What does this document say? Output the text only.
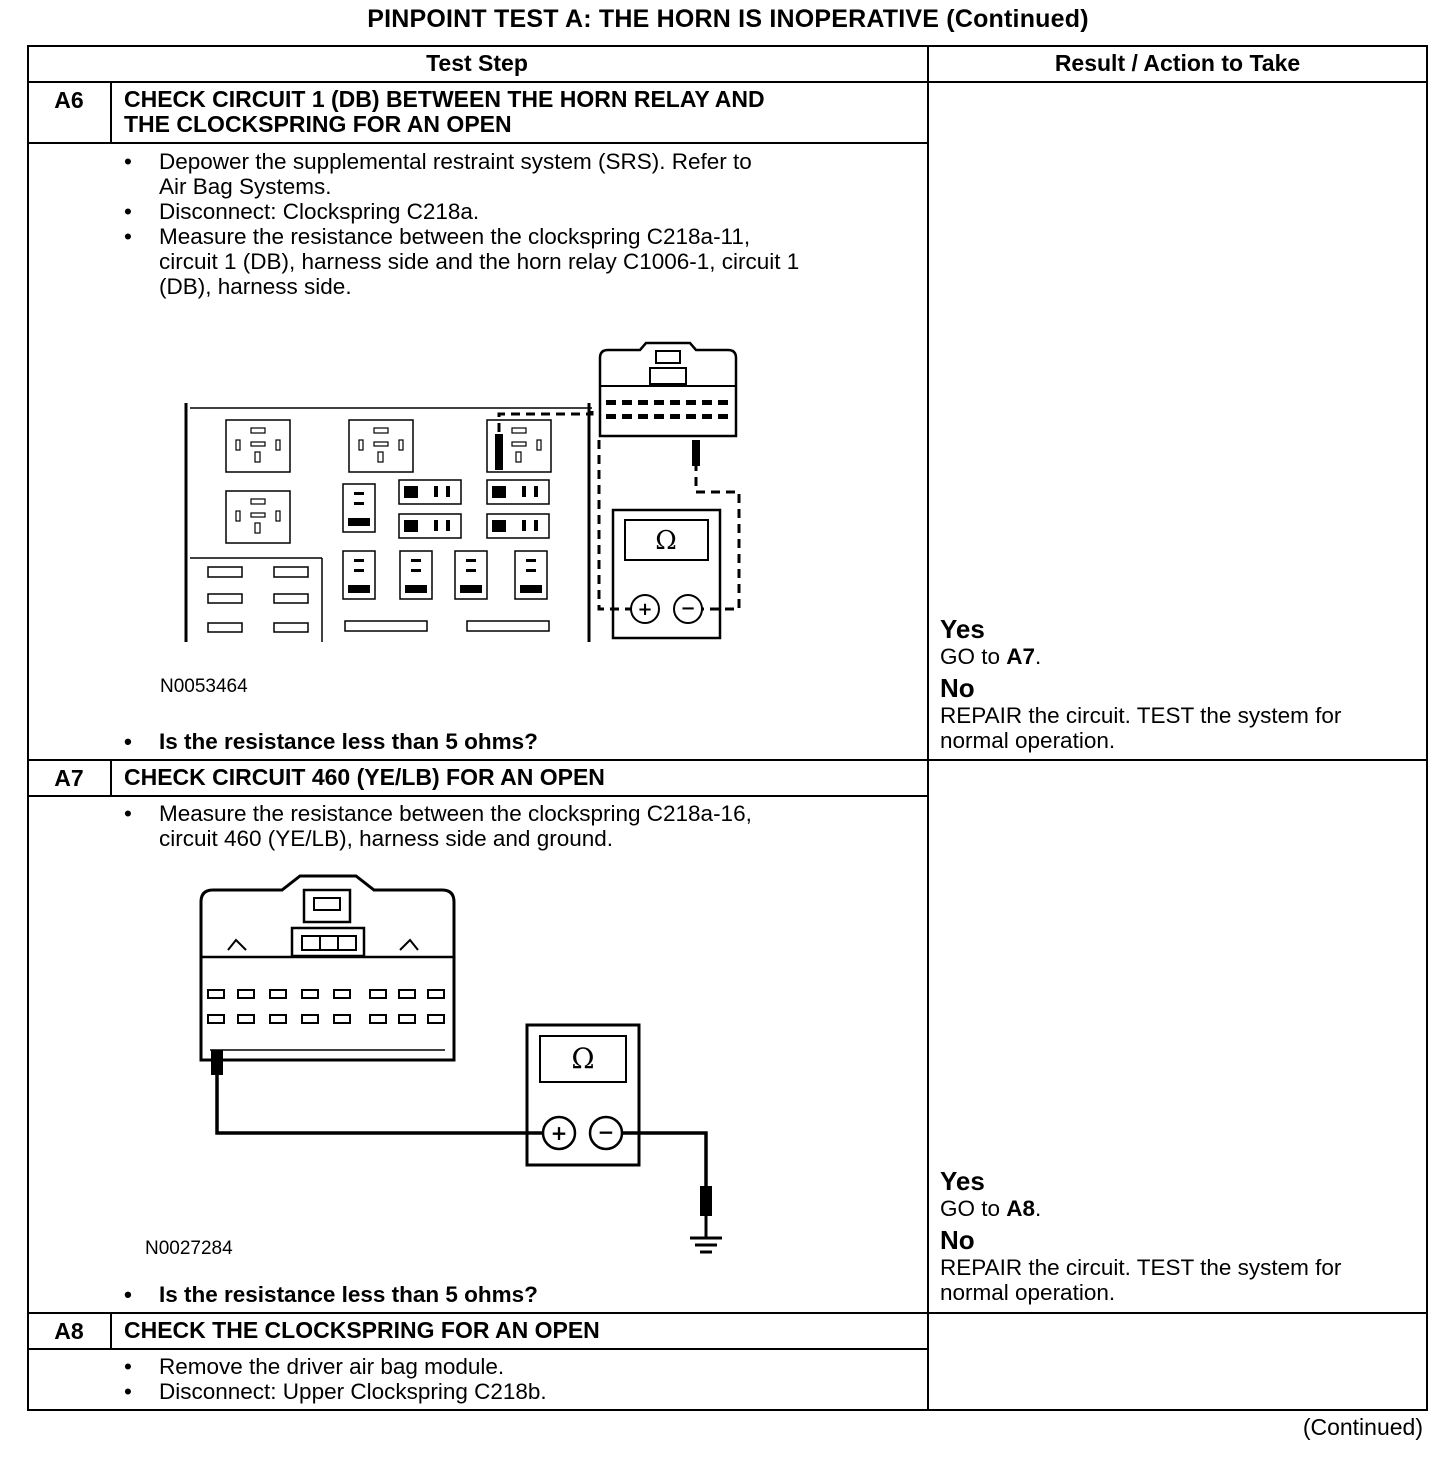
PINPOINT TEST A: THE HORN IS INOPERATIVE (Continued)
Test Step	Result / Action to Take
A6	CHECK CIRCUIT 1 (DB) BETWEEN THE HORN RELAY AND
THE CLOCKSPRING FOR AN OPEN
• Depower the supplemental restraint system (SRS). Refer to
Air Bag Systems.
• Disconnect: Clockspring C218a.
• Measure the resistance between the clockspring C218a-11,
circuit 1 (DB), harness side and the horn relay C1006-1, circuit 1
(DB), harness side.
Ω
+ −
N0053464
• Is the resistance less than 5 ohms?
Yes
GO to A7.
No
REPAIR the circuit. TEST the system for
normal operation.
A7	CHECK CIRCUIT 460 (YE/LB) FOR AN OPEN
• Measure the resistance between the clockspring C218a-16,
circuit 460 (YE/LB), harness side and ground.
Ω
+ −
N0027284
• Is the resistance less than 5 ohms?
Yes
GO to A8.
No
REPAIR the circuit. TEST the system for
normal operation.
A8	CHECK THE CLOCKSPRING FOR AN OPEN
• Remove the driver air bag module.
• Disconnect: Upper Clockspring C218b.
(Continued)
